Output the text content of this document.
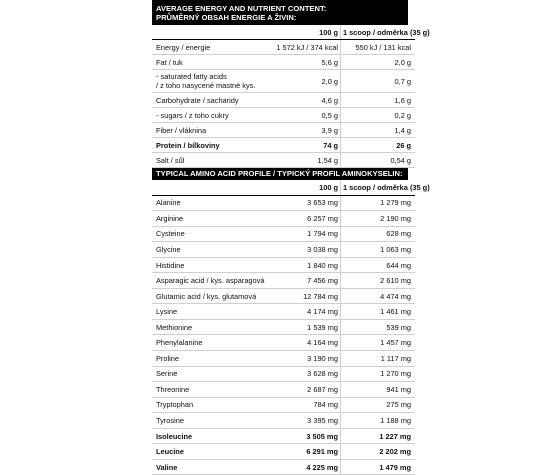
AVERAGE ENERGY AND NUTRIENT CONTENT:
PRŮMĚRNÝ OBSAH ENERGIE A ŽIVIN:
	100 g	1 scoop / odměrka (35 g)

Energy / energie	1 572 kJ / 374 kcal	550 kJ / 131 kcal

Fat / tuk	5,6 g	2,0 g

- saturated fatty acids
/ z toho nasycené mastné kys.	2,0 g	0,7 g

Carbohydrate / sacharidy	4,6 g	1,6 g

- sugars / z toho cukry	0,5 g	0,2 g

Fiber / vláknina	3,9 g	1,4 g

Protein / bílkoviny	74 g	26 g

Salt / sůl	1,54 g	0,54 g
TYPICAL AMINO ACID PROFILE / TYPICKÝ PROFIL AMINOKYSELIN:
	100 g	1 scoop / odměrka (35 g)

Alanine	3 653 mg	1 279 mg

Arginine	6 257 mg	2 190 mg

Cysteine	1 794 mg	628 mg

Glycine	3 038 mg	1 063 mg

Histidine	1 840 mg	644 mg

Asparagic acid / kys. asparagová	7 456 mg	2 610 mg

Glutamic acid / kys. glutamová	12 784 mg	4 474 mg

Lysine	4 174 mg	1 461 mg

Methionine	1 539 mg	539 mg

Phenylalanine	4 164 mg	1 457 mg

Proline	3 190 mg	1 117 mg

Serine	3 628 mg	1 270 mg

Threonine	2 687 mg	941 mg

Tryptophan	784 mg	275 mg

Tyrosine	3 395 mg	1 188 mg

Isoleucine	3 505 mg	1 227 mg

Leucine	6 291 mg	2 202 mg

Valine	4 225 mg	1 479 mg
